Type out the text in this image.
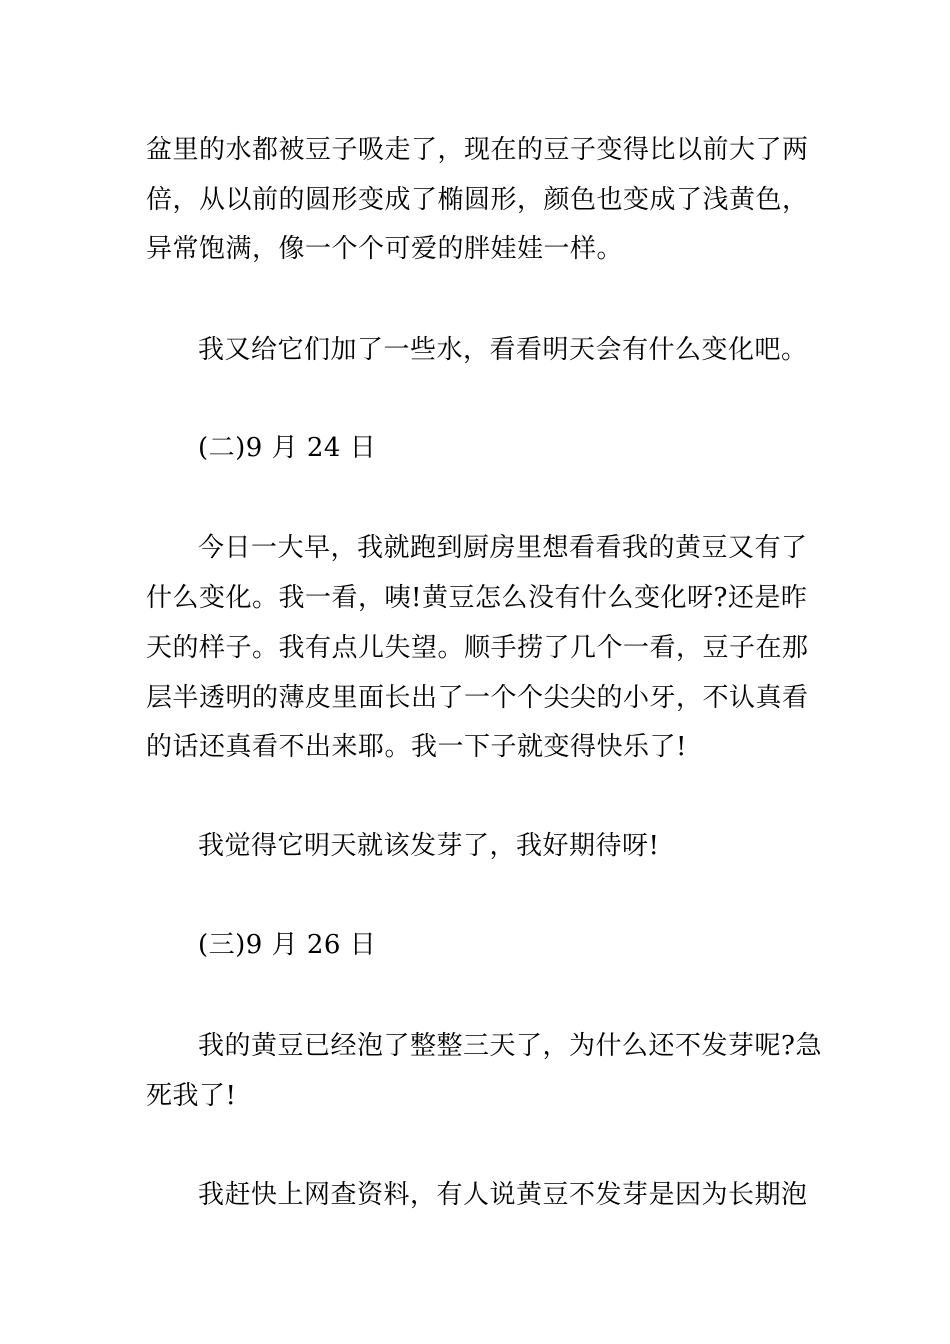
盆里的水都被豆子吸走了，现在的豆子变得比以前大了两
倍，从以前的圆形变成了椭圆形，颜色也变成了浅黄色，
异常饱满，像一个个可爱的胖娃娃一样。
我又给它们加了一些水，看看明天会有什么变化吧。
(二)9 月 24 日
今日一大早，我就跑到厨房里想看看我的黄豆又有了
什么变化。我一看，咦!黄豆怎么没有什么变化呀?还是昨
天的样子。我有点儿失望。顺手捞了几个一看，豆子在那
层半透明的薄皮里面长出了一个个尖尖的小牙，不认真看
的话还真看不出来耶。我一下子就变得快乐了!
我觉得它明天就该发芽了，我好期待呀!
(三)9 月 26 日
我的黄豆已经泡了整整三天了，为什么还不发芽呢?急
死我了!
我赶快上网查资料，有人说黄豆不发芽是因为长期泡
